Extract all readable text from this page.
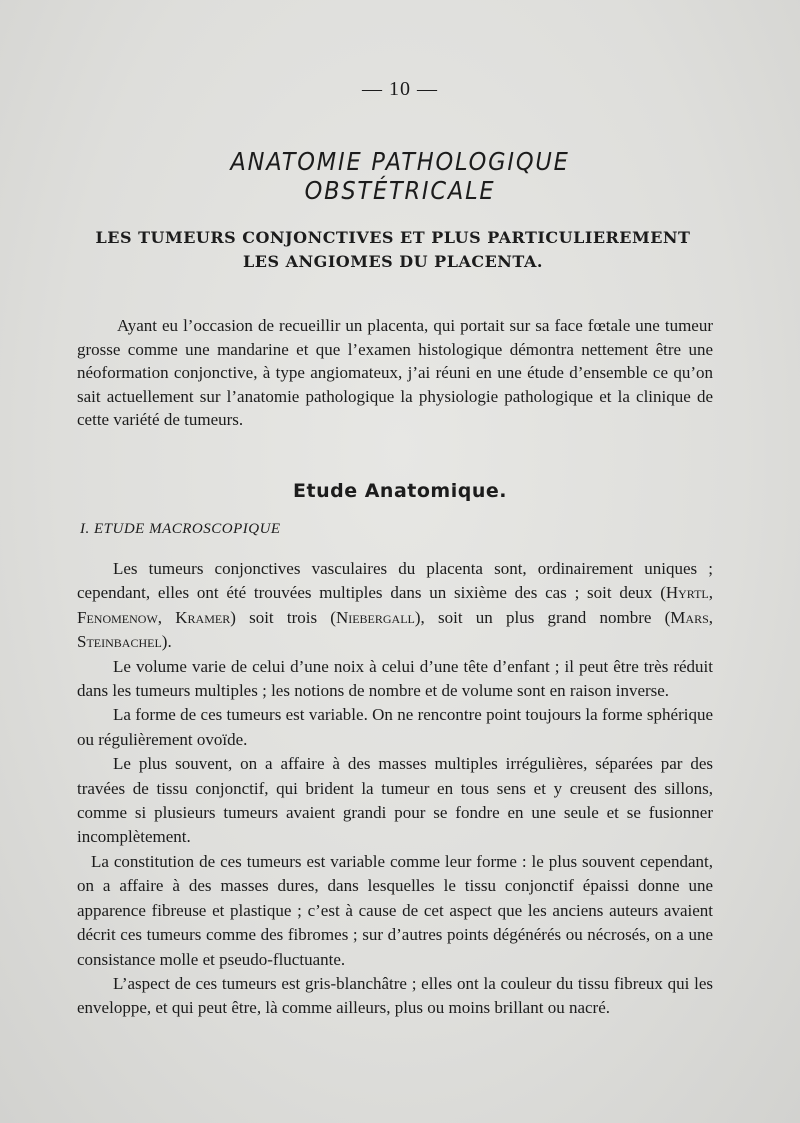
— 10 —
ANATOMIE PATHOLOGIQUE OBSTÉTRICALE
LES TUMEURS CONJONCTIVES ET PLUS PARTICULIEREMENT
LES ANGIOMES DU PLACENTA.

Ayant eu l’occasion de recueillir un placenta, qui portait sur sa face fœtale une tumeur grosse comme une mandarine et que l’examen histologique démontra nettement être une néoformation conjonctive, à type angiomateux, j’ai réuni en une étude d’ensemble ce qu’on sait actuellement sur l’anatomie pathologique la physiologie pathologique et la clinique de cette variété de tumeurs.

Etude Anatomique.
I. ETUDE MACROSCOPIQUE

Les tumeurs conjonctives vasculaires du placenta sont, ordinairement uniques ; cependant, elles ont été trouvées multiples dans un sixième des cas ; soit deux (Hyrtl, Fenomenow, Kramer) soit trois (Niebergall), soit un plus grand nombre (Mars, Steinbachel).

Le volume varie de celui d’une noix à celui d’une tête d’enfant ; il peut être très réduit dans les tumeurs multiples ; les notions de nombre et de volume sont en raison inverse.

La forme de ces tumeurs est variable. On ne rencontre point toujours la forme sphérique ou régulièrement ovoïde.

Le plus souvent, on a affaire à des masses multiples irrégulières, séparées par des travées de tissu conjonctif, qui brident la tumeur en tous sens et y creusent des sillons, comme si plusieurs tumeurs avaient grandi pour se fondre en une seule et se fusionner incomplètement.

La constitution de ces tumeurs est variable comme leur forme : le plus souvent cependant, on a affaire à des masses dures, dans lesquelles le tissu conjonctif épaissi donne une apparence fibreuse et plastique ; c’est à cause de cet aspect que les anciens auteurs avaient décrit ces tumeurs comme des fibromes ; sur d’autres points dégénérés ou nécrosés, on a une consistance molle et pseudo-fluctuante.

L’aspect de ces tumeurs est gris-blanchâtre ; elles ont la couleur du tissu fibreux qui les enveloppe, et qui peut être, là comme ailleurs, plus ou moins brillant ou nacré.
